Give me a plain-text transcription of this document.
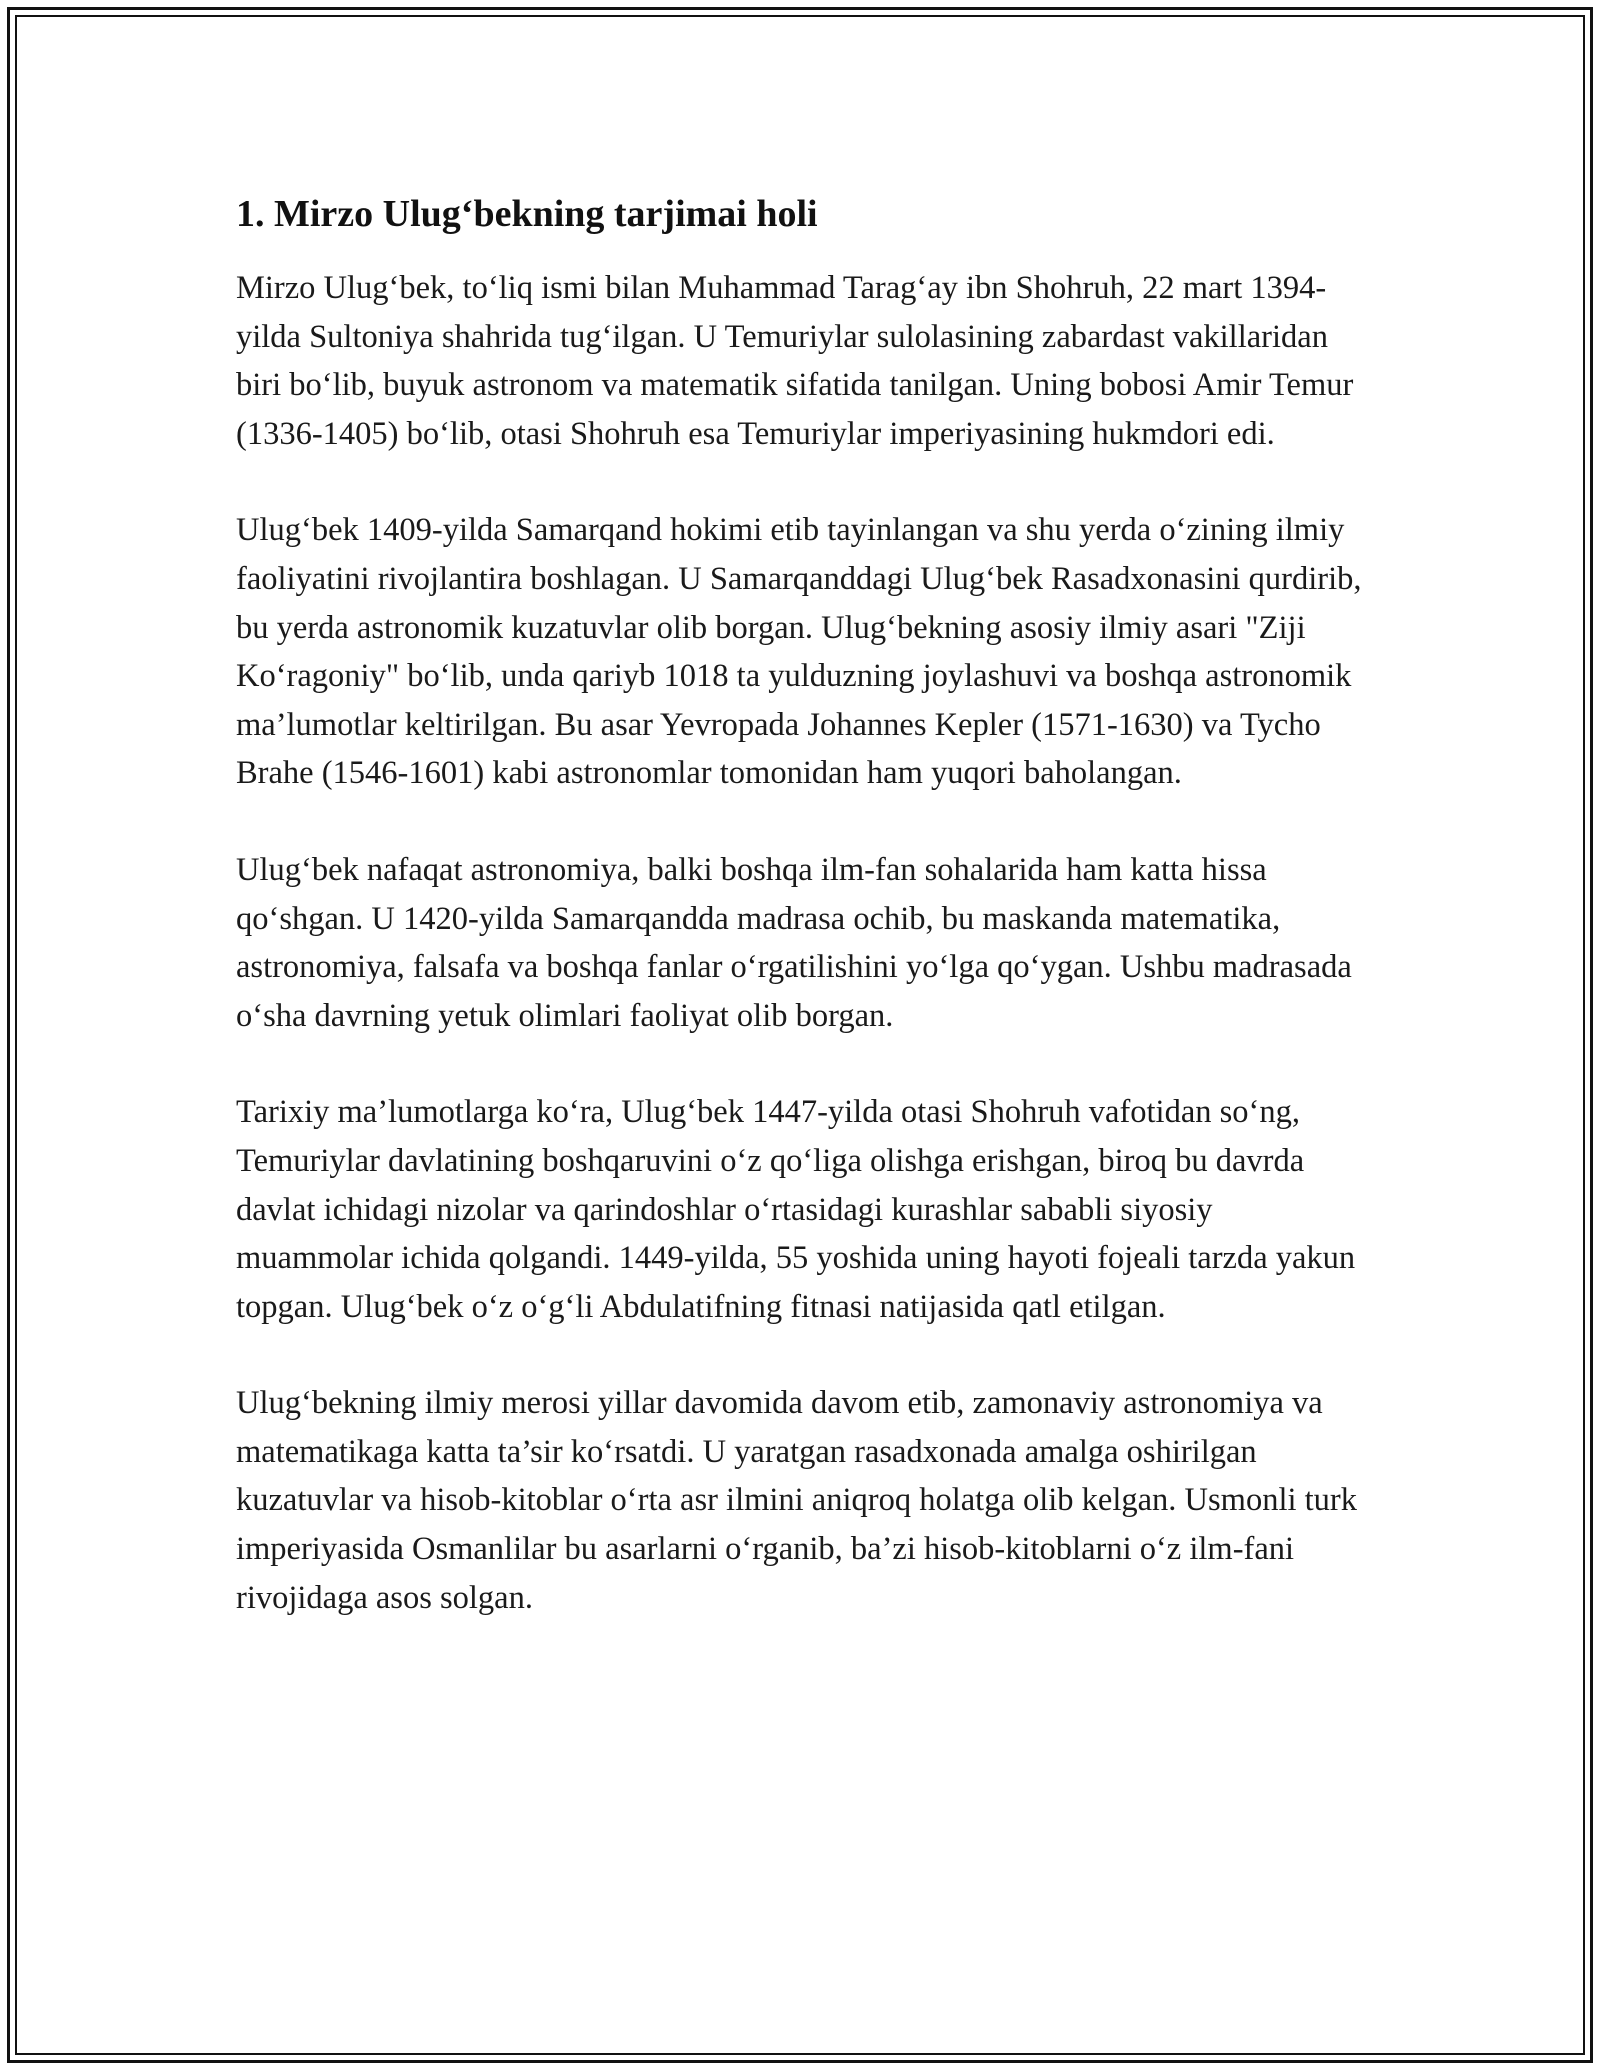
1. Mirzo Ulug‘bekning tarjimai holi

Mirzo Ulug‘bek, to‘liq ismi bilan Muhammad Tarag‘ay ibn Shohruh, 22 mart 1394-yilda Sultoniya shahrida tug‘ilgan. U Temuriylar sulolasining zabardast vakillaridan biri bo‘lib, buyuk astronom va matematik sifatida tanilgan. Uning bobosi Amir Temur (1336-1405) bo‘lib, otasi Shohruh esa Temuriylar imperiyasining hukmdori edi.

Ulug‘bek 1409-yilda Samarqand hokimi etib tayinlangan va shu yerda o‘zining ilmiy faoliyatini rivojlantira boshlagan. U Samarqanddagi Ulug‘bek Rasadxonasini qurdirib, bu yerda astronomik kuzatuvlar olib borgan. Ulug‘bekning asosiy ilmiy asari "Ziji Ko‘ragoniy" bo‘lib, unda qariyb 1018 ta yulduzning joylashuvi va boshqa astronomik ma’lumotlar keltirilgan. Bu asar Yevropada Johannes Kepler (1571-1630) va Tycho Brahe (1546-1601) kabi astronomlar tomonidan ham yuqori baholangan.

Ulug‘bek nafaqat astronomiya, balki boshqa ilm-fan sohalarida ham katta hissa qo‘shgan. U 1420-yilda Samarqandda madrasa ochib, bu maskanda matematika, astronomiya, falsafa va boshqa fanlar o‘rgatilishini yo‘lga qo‘ygan. Ushbu madrasada o‘sha davrning yetuk olimlari faoliyat olib borgan.

Tarixiy ma’lumotlarga ko‘ra, Ulug‘bek 1447-yilda otasi Shohruh vafotidan so‘ng, Temuriylar davlatining boshqaruvini o‘z qo‘liga olishga erishgan, biroq bu davrda davlat ichidagi nizolar va qarindoshlar o‘rtasidagi kurashlar sababli siyosiy muammolar ichida qolgandi. 1449-yilda, 55 yoshida uning hayoti fojeali tarzda yakun topgan. Ulug‘bek o‘z o‘g‘li Abdulatifning fitnasi natijasida qatl etilgan.

Ulug‘bekning ilmiy merosi yillar davomida davom etib, zamonaviy astronomiya va matematikaga katta ta’sir ko‘rsatdi. U yaratgan rasadxonada amalga oshirilgan kuzatuvlar va hisob-kitoblar o‘rta asr ilmini aniqroq holatga olib kelgan. Usmonli turk imperiyasida Osmanlilar bu asarlarni o‘rganib, ba’zi hisob-kitoblarni o‘z ilm-fani rivojidaga asos solgan.
